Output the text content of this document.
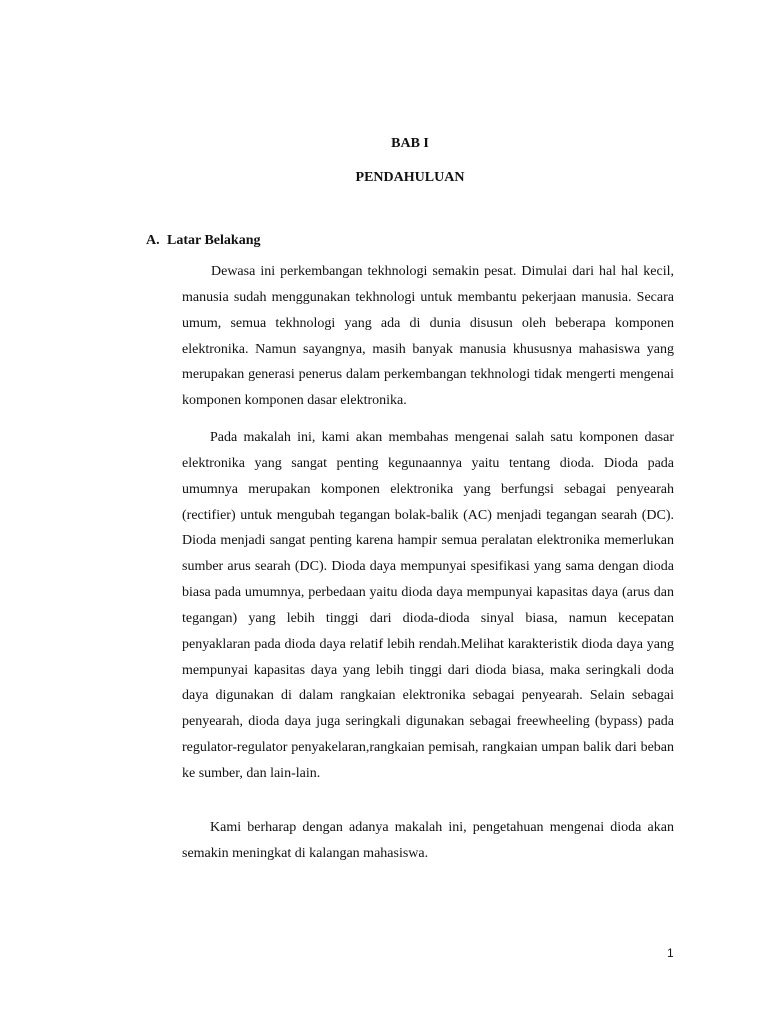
BAB I
PENDAHULUAN
A. Latar Belakang

Dewasa ini perkembangan tekhnologi semakin pesat. Dimulai dari hal hal kecil, manusia sudah menggunakan tekhnologi untuk membantu pekerjaan manusia. Secara umum, semua tekhnologi yang ada di dunia disusun oleh beberapa komponen elektronika. Namun sayangnya, masih banyak manusia khususnya mahasiswa yang merupakan generasi penerus dalam perkembangan tekhnologi tidak mengerti mengenai komponen komponen dasar elektronika.

Pada makalah ini, kami akan membahas mengenai salah satu komponen dasar elektronika yang sangat penting kegunaannya yaitu tentang dioda. Dioda pada umumnya merupakan komponen elektronika yang berfungsi sebagai penyearah (rectifier) untuk mengubah tegangan bolak-balik (AC) menjadi tegangan searah (DC). Dioda menjadi sangat penting karena hampir semua peralatan elektronika memerlukan sumber arus searah (DC). Dioda daya mempunyai spesifikasi yang sama dengan dioda biasa pada umumnya, perbedaan yaitu dioda daya mempunyai kapasitas daya (arus dan tegangan) yang lebih tinggi dari dioda-dioda sinyal biasa, namun kecepatan penyaklaran pada dioda daya relatif lebih rendah.Melihat karakteristik dioda daya yang mempunyai kapasitas daya yang lebih tinggi dari dioda biasa, maka seringkali doda daya digunakan di dalam rangkaian elektronika sebagai penyearah. Selain sebagai penyearah, dioda daya juga seringkali digunakan sebagai freewheeling (bypass) pada regulator-regulator penyakelaran,rangkaian pemisah, rangkaian umpan balik dari beban ke sumber, dan lain-lain.

Kami berharap dengan adanya makalah ini, pengetahuan mengenai dioda akan semakin meningkat di kalangan mahasiswa.

1
